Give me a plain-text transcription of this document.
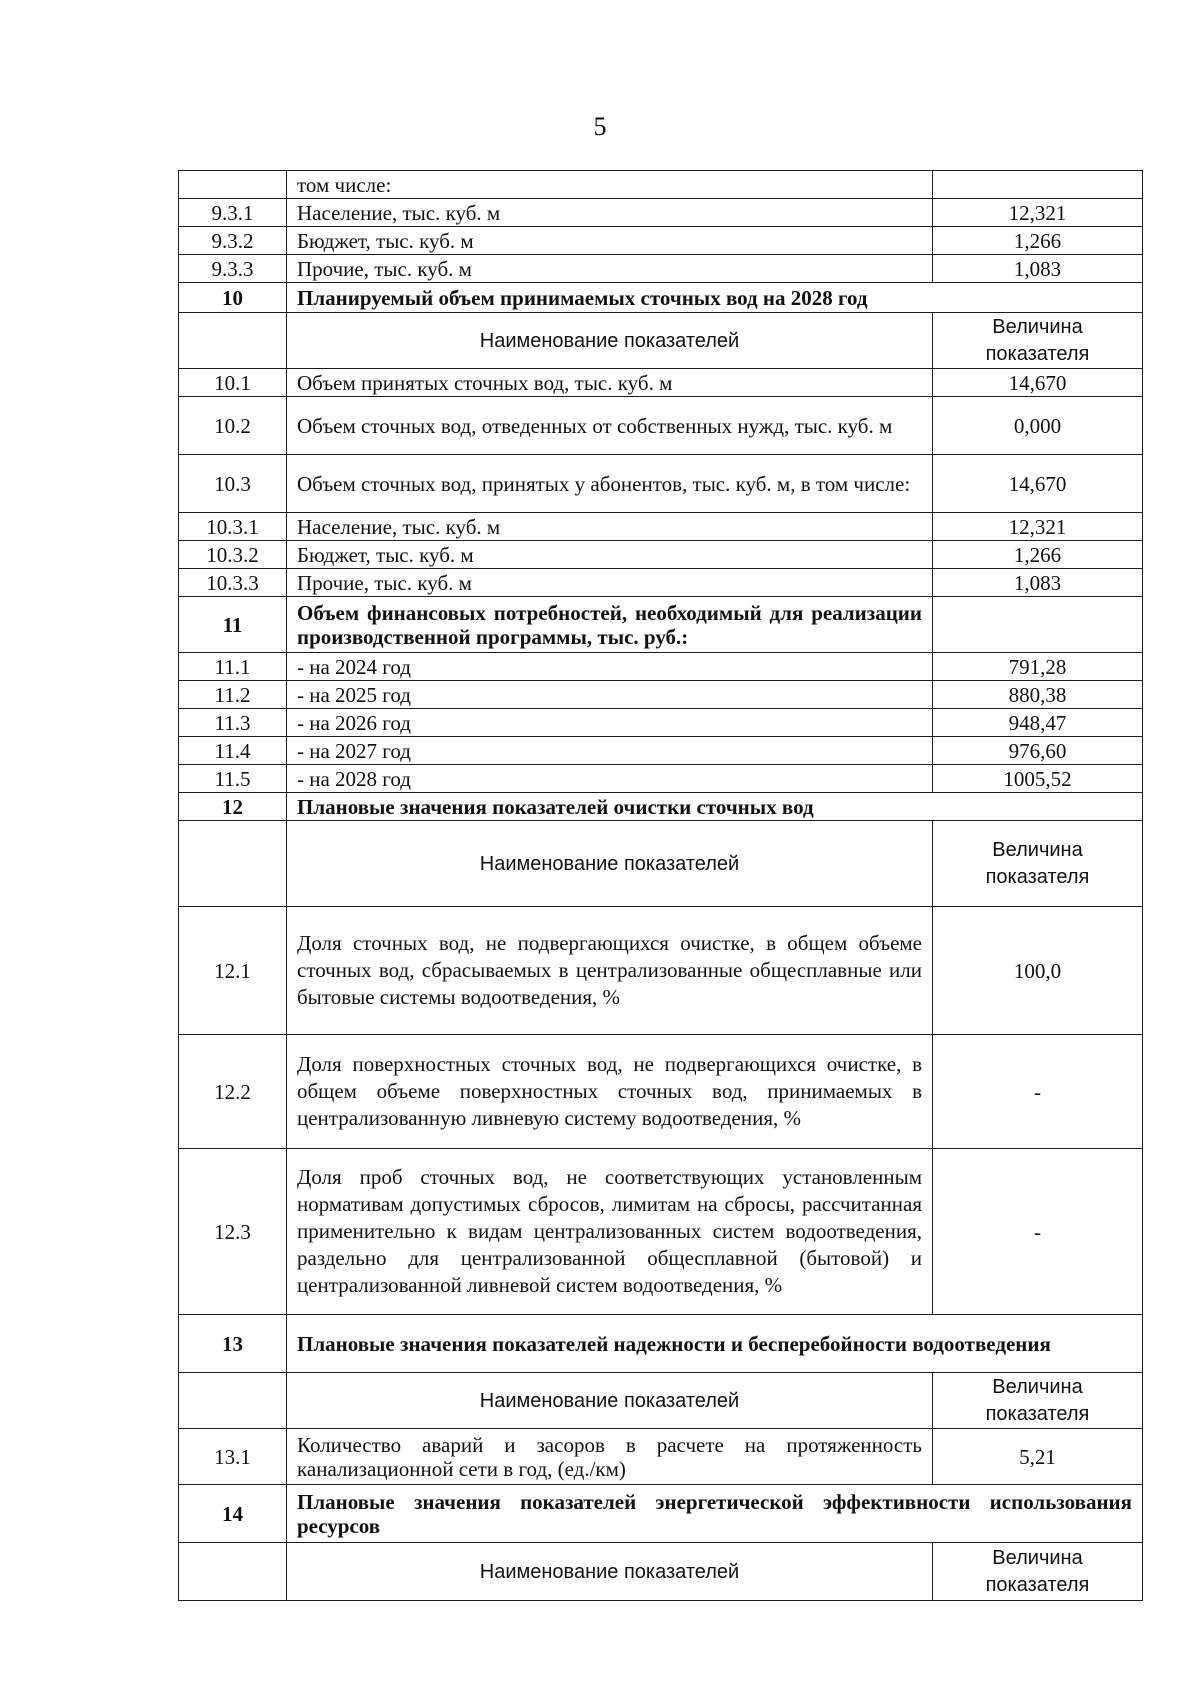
5
	том числе:	
9.3.1	Население, тыс. куб. м	12,321
9.3.2	Бюджет, тыс. куб. м	1,266
9.3.3	Прочие, тыс. куб. м	1,083
10	Планируемый объем принимаемых сточных вод на 2028 год	
	Наименование показателей	Величина показателя
10.1	Объем принятых сточных вод, тыс. куб. м	14,670
10.2	Объем сточных вод, отведенных от собственных нужд, тыс. куб. м	0,000
10.3	Объем сточных вод, принятых у абонентов, тыс. куб. м, в том числе:	14,670
10.3.1	Население, тыс. куб. м	12,321
10.3.2	Бюджет, тыс. куб. м	1,266
10.3.3	Прочие, тыс. куб. м	1,083
11	Объем финансовых потребностей, необходимый для реализации производственной программы, тыс. руб.:	
11.1	- на 2024 год	791,28
11.2	- на 2025 год	880,38
11.3	- на 2026 год	948,47
11.4	- на 2027 год	976,60
11.5	- на 2028 год	1005,52
12	Плановые значения показателей очистки сточных вод	
	Наименование показателей	Величина показателя
12.1	Доля сточных вод, не подвергающихся очистке, в общем объеме сточных вод, сбрасываемых в централизованные общесплавные или бытовые системы водоотведения, %	100,0
12.2	Доля поверхностных сточных вод, не подвергающихся очистке, в общем объеме поверхностных сточных вод, принимаемых в централизованную ливневую систему водоотведения, %	-
12.3	Доля проб сточных вод, не соответствующих установленным нормативам допустимых сбросов, лимитам на сбросы, рассчитанная применительно к видам централизованных систем водоотведения, раздельно для централизованной общесплавной (бытовой) и централизованной ливневой систем водоотведения, %	-
13	Плановые значения показателей надежности и бесперебойности водоотведения	
	Наименование показателей	Величина показателя
13.1	Количество аварий и засоров в расчете на протяженность канализационной сети в год, (ед./км)	5,21
14	Плановые значения показателей энергетической эффективности использования ресурсов	
	Наименование показателей	Величина показателя
